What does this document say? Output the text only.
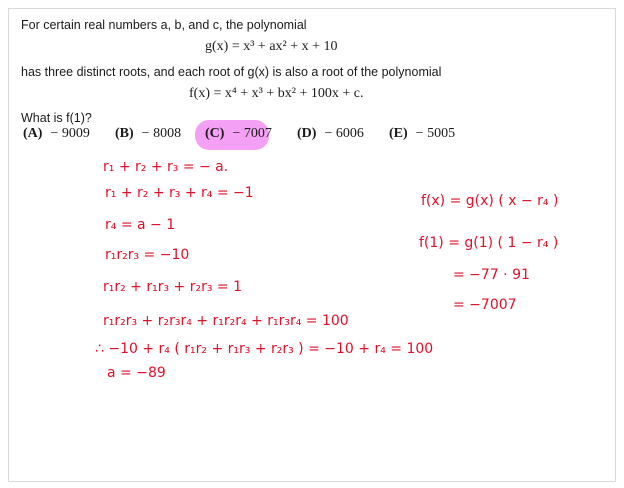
For certain real numbers a, b, and c, the polynomial
g(x) = x³ + ax² + x + 10
has three distinct roots, and each root of g(x) is also a root of the polynomial
f(x) = x⁴ + x³ + bx² + 100x + c.
What is f(1)?
(A) − 9009 (B) − 8008 (C) − 7007 (D) − 6006 (E) − 5005
r₁ + r₂ + r₃ = − a.
r₁ + r₂ + r₃ + r₄ = −1
r₄ = a − 1
r₁r₂r₃ = −10
r₁r₂ + r₁r₃ + r₂r₃ = 1
r₁r₂r₃ + r₂r₃r₄ + r₁r₂r₄ + r₁r₃r₄ = 100
∴ −10 + r₄ ( r₁r₂ + r₁r₃ + r₂r₃ ) = −10 + r₄ = 100
a = −89
f(x) = g(x) ( x − r₄ )
f(1) = g(1) ( 1 − r₄ )
= −77 · 91
= −7007
